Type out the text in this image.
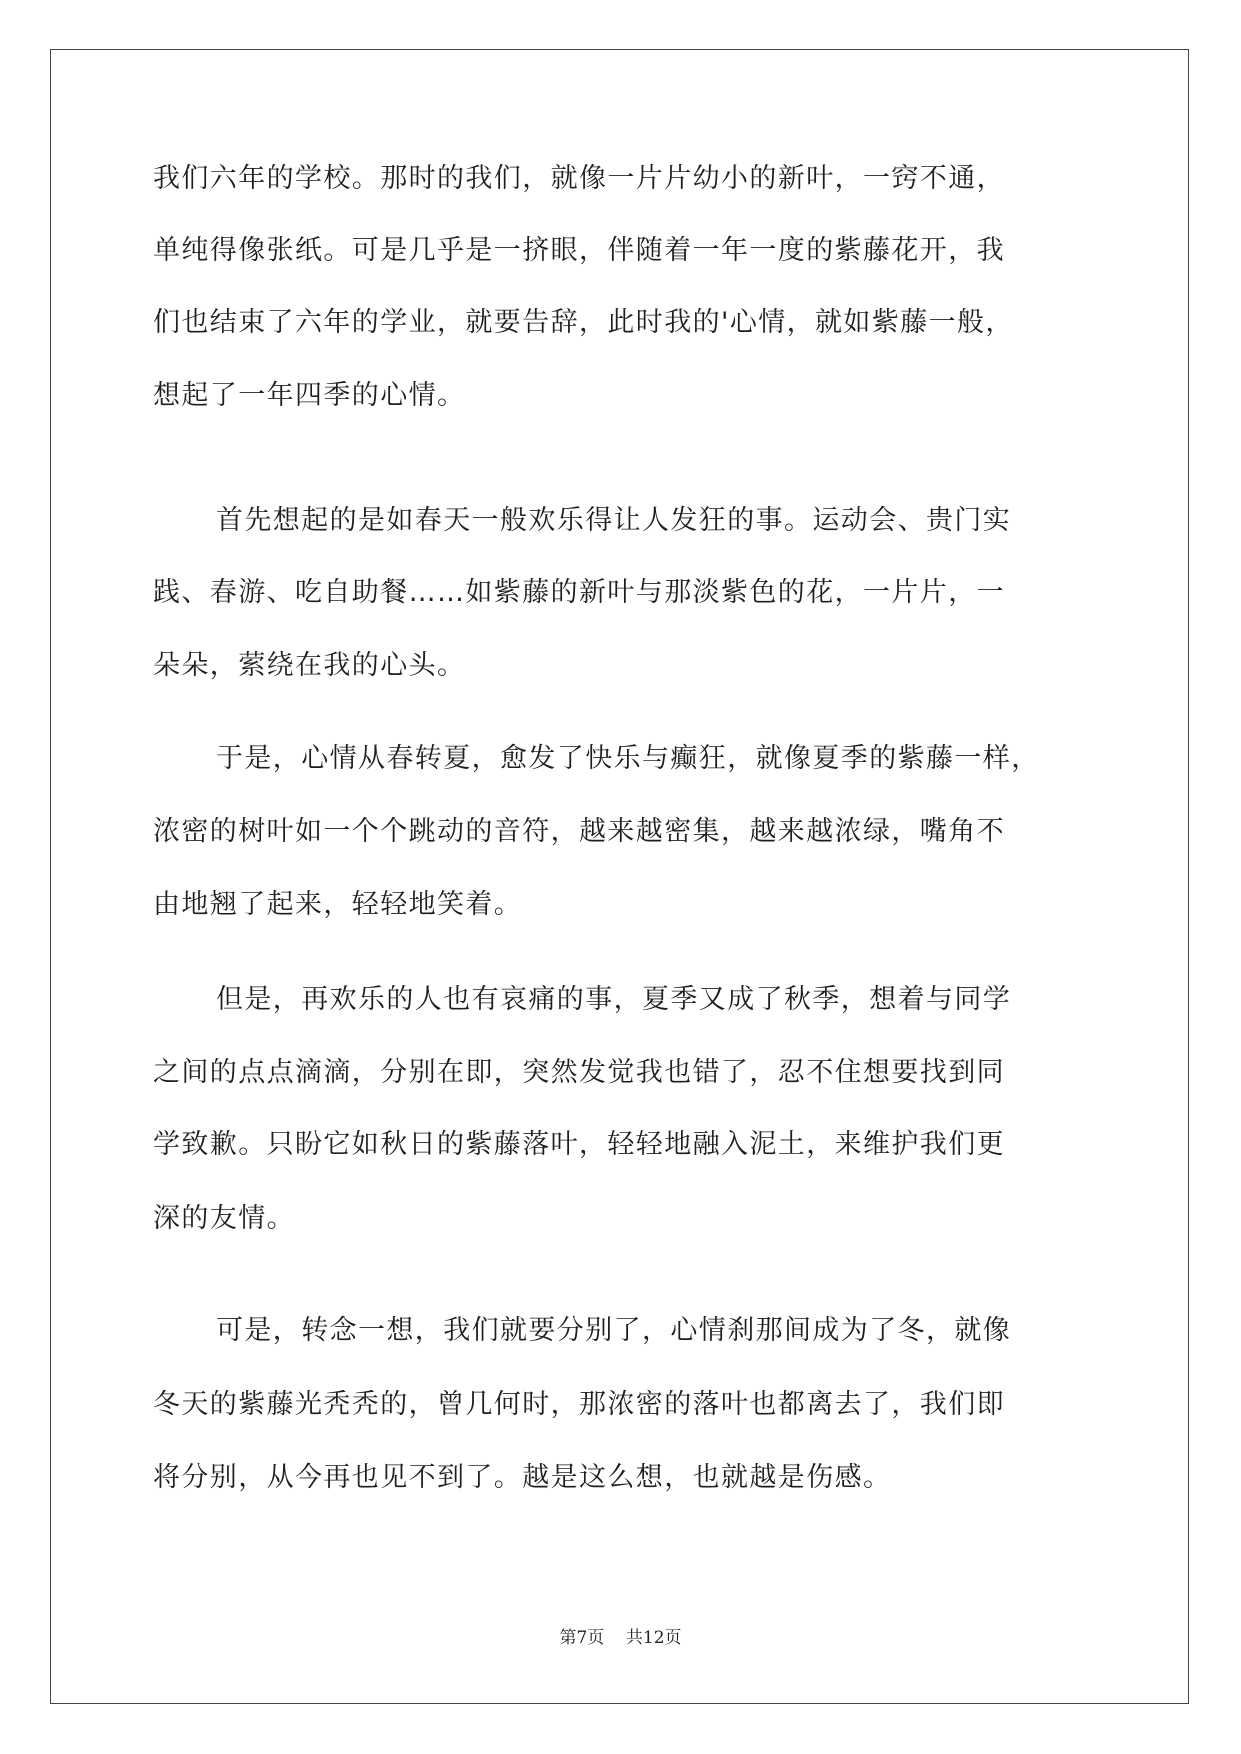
我们六年的学校。那时的我们，就像一片片幼小的新叶，一窍不通，
单纯得像张纸。可是几乎是一挤眼，伴随着一年一度的紫藤花开，我
们也结束了六年的学业，就要告辞，此时我的'心情，就如紫藤一般，
想起了一年四季的心情。
首先想起的是如春天一般欢乐得让人发狂的事。运动会、贵门实
践、春游、吃自助餐……如紫藤的新叶与那淡紫色的花，一片片，一
朵朵，萦绕在我的心头。
于是，心情从春转夏，愈发了快乐与癫狂，就像夏季的紫藤一样，
浓密的树叶如一个个跳动的音符，越来越密集，越来越浓绿，嘴角不
由地翘了起来，轻轻地笑着。
但是，再欢乐的人也有哀痛的事，夏季又成了秋季，想着与同学
之间的点点滴滴，分别在即，突然发觉我也错了，忍不住想要找到同
学致歉。只盼它如秋日的紫藤落叶，轻轻地融入泥土，来维护我们更
深的友情。
可是，转念一想，我们就要分别了，心情刹那间成为了冬，就像
冬天的紫藤光秃秃的，曾几何时，那浓密的落叶也都离去了，我们即
将分别，从今再也见不到了。越是这么想，也就越是伤感。
第7页    共12页
